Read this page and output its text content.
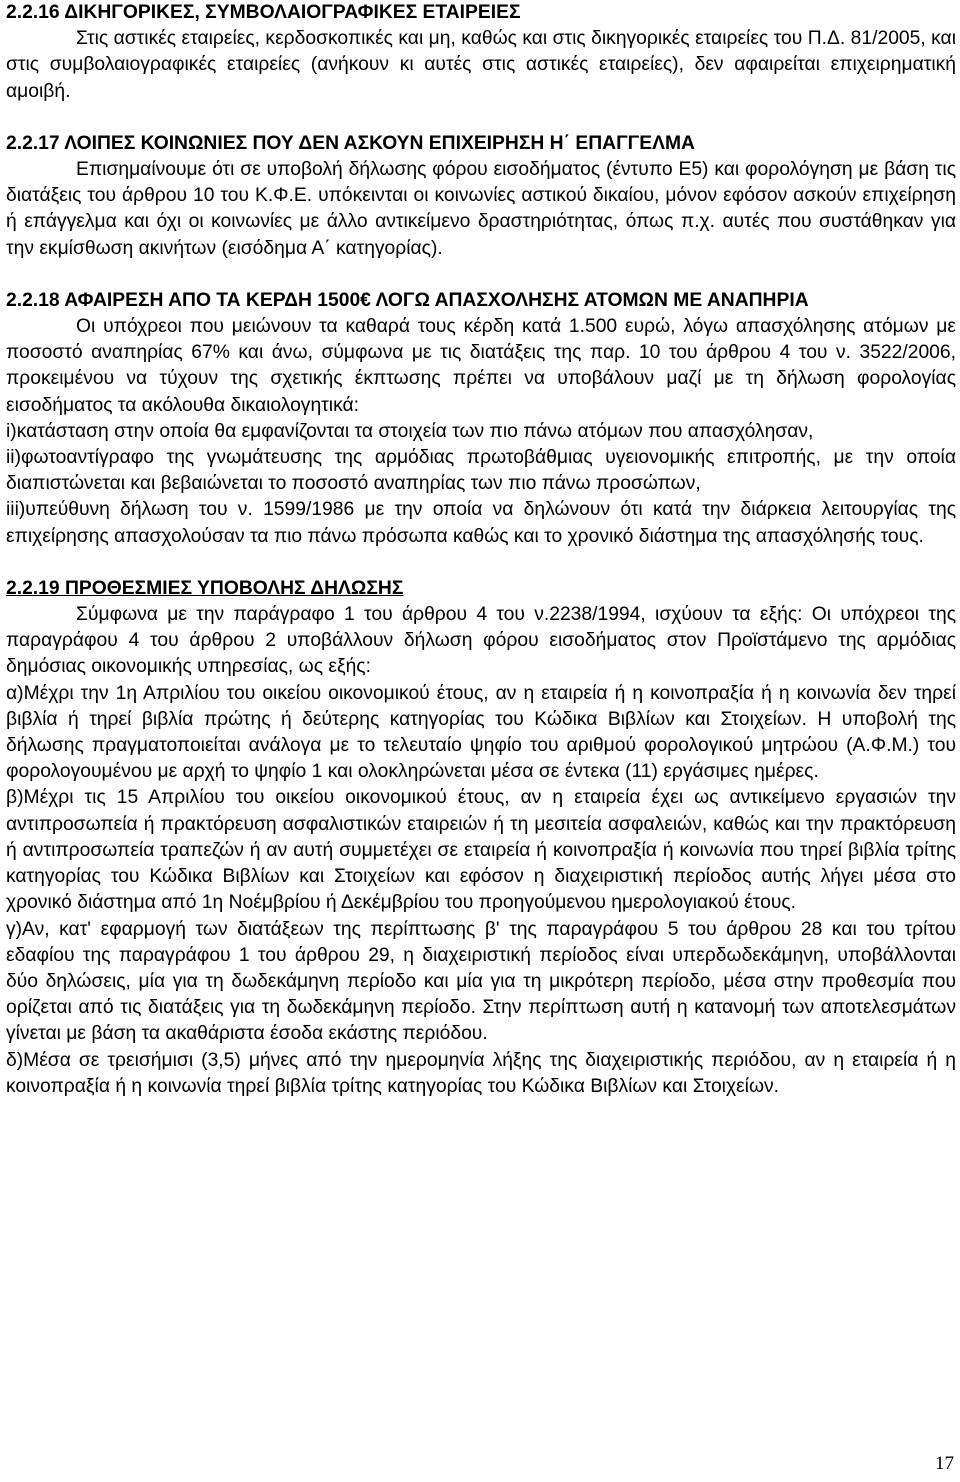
2.2.16 ΔΙΚΗΓΟΡΙΚΕΣ, ΣΥΜΒΟΛΑΙΟΓΡΑΦΙΚΕΣ ΕΤΑΙΡΕΙΕΣ

Στις αστικές εταιρείες, κερδοσκοπικές και μη, καθώς και στις δικηγορικές εταιρείες του Π.Δ. 81/2005, και στις συμβολαιογραφικές εταιρείες (ανήκουν κι αυτές στις αστικές εταιρείες), δεν αφαιρείται επιχειρηματική αμοιβή.

2.2.17 ΛΟΙΠΕΣ ΚΟΙΝΩΝΙΕΣ ΠΟΥ ΔΕΝ ΑΣΚΟΥΝ ΕΠΙΧΕΙΡΗΣΗ Η΄ ΕΠΑΓΓΕΛΜΑ

Επισημαίνουμε ότι σε υποβολή δήλωσης φόρου εισοδήματος (έντυπο Ε5) και φορολόγηση με βάση τις διατάξεις του άρθρου 10 του Κ.Φ.Ε. υπόκεινται οι κοινωνίες αστικού δικαίου, μόνον εφόσον ασκούν επιχείρηση ή επάγγελμα και όχι οι κοινωνίες με άλλο αντικείμενο δραστηριότητας, όπως π.χ. αυτές που συστάθηκαν για την εκμίσθωση ακινήτων (εισόδημα Α΄ κατηγορίας).

2.2.18 ΑΦΑΙΡΕΣΗ ΑΠΟ ΤΑ ΚΕΡΔΗ 1500€ ΛΟΓΩ ΑΠΑΣΧΟΛΗΣΗΣ ΑΤΟΜΩΝ ΜΕ ΑΝΑΠΗΡΙΑ

Οι υπόχρεοι που μειώνουν τα καθαρά τους κέρδη κατά 1.500 ευρώ, λόγω απασχόλησης ατόμων με ποσοστό αναπηρίας 67% και άνω, σύμφωνα με τις διατάξεις της παρ. 10 του άρθρου 4 του ν. 3522/2006, προκειμένου να τύχουν της σχετικής έκπτωσης πρέπει να υποβάλουν μαζί με τη δήλωση φορολογίας εισοδήματος τα ακόλουθα δικαιολογητικά:

i)κατάσταση στην οποία θα εμφανίζονται τα στοιχεία των πιο πάνω ατόμων που απασχόλησαν,

ii)φωτοαντίγραφο της γνωμάτευσης της αρμόδιας πρωτοβάθμιας υγειονομικής επιτροπής, με την οποία διαπιστώνεται και βεβαιώνεται το ποσοστό αναπηρίας των πιο πάνω προσώπων,

iii)υπεύθυνη δήλωση του ν. 1599/1986 με την οποία να δηλώνουν ότι κατά την διάρκεια λειτουργίας της επιχείρησης απασχολούσαν τα πιο πάνω πρόσωπα καθώς και το χρονικό διάστημα της απασχόλησής τους.

2.2.19 ΠΡΟΘΕΣΜΙΕΣ ΥΠΟΒΟΛΗΣ ΔΗΛΩΣΗΣ

Σύμφωνα με την παράγραφο 1 του άρθρου 4 του ν.2238/1994, ισχύουν τα εξής: Οι υπόχρεοι της παραγράφου 4 του άρθρου 2 υποβάλλουν δήλωση φόρου εισοδήματος στον Προϊστάμενο της αρμόδιας δημόσιας οικονομικής υπηρεσίας, ως εξής:

α)Μέχρι την 1η Απριλίου του οικείου οικονομικού έτους, αν η εταιρεία ή η κοινοπραξία ή η κοινωνία δεν τηρεί βιβλία ή τηρεί βιβλία πρώτης ή δεύτερης κατηγορίας του Κώδικα Βιβλίων και Στοιχείων. Η υποβολή της δήλωσης πραγματοποιείται ανάλογα με το τελευταίο ψηφίο του αριθμού φορολογικού μητρώου (Α.Φ.Μ.) του φορολογουμένου με αρχή το ψηφίο 1 και ολοκληρώνεται μέσα σε έντεκα (11) εργάσιμες ημέρες.

β)Μέχρι τις 15 Απριλίου του οικείου οικονομικού έτους, αν η εταιρεία έχει ως αντικείμενο εργασιών την αντιπροσωπεία ή πρακτόρευση ασφαλιστικών εταιρειών ή τη μεσιτεία ασφαλειών, καθώς και την πρακτόρευση ή αντιπροσωπεία τραπεζών ή αν αυτή συμμετέχει σε εταιρεία ή κοινοπραξία ή κοινωνία που τηρεί βιβλία τρίτης κατηγορίας του Κώδικα Βιβλίων και Στοιχείων και εφόσον η διαχειριστική περίοδος αυτής λήγει μέσα στο χρονικό διάστημα από 1η Νοέμβρίου ή Δεκέμβρίου του προηγούμενου ημερολογιακού έτους.

γ)Αν, κατ' εφαρμογή των διατάξεων της περίπτωσης β' της παραγράφου 5 του άρθρου 28 και του τρίτου εδαφίου της παραγράφου 1 του άρθρου 29, η διαχειριστική περίοδος είναι υπερδωδεκάμηνη, υποβάλλονται δύο δηλώσεις, μία για τη δωδεκάμηνη περίοδο και μία για τη μικρότερη περίοδο, μέσα στην προθεσμία που ορίζεται από τις διατάξεις για τη δωδεκάμηνη περίοδο. Στην περίπτωση αυτή η κατανομή των αποτελεσμάτων γίνεται με βάση τα ακαθάριστα έσοδα εκάστης περιόδου.

δ)Μέσα σε τρεισήμισι (3,5) μήνες από την ημερομηνία λήξης της διαχειριστικής περιόδου, αν η εταιρεία ή η κοινοπραξία ή η κοινωνία τηρεί βιβλία τρίτης κατηγορίας του Κώδικα Βιβλίων και Στοιχείων.

17
